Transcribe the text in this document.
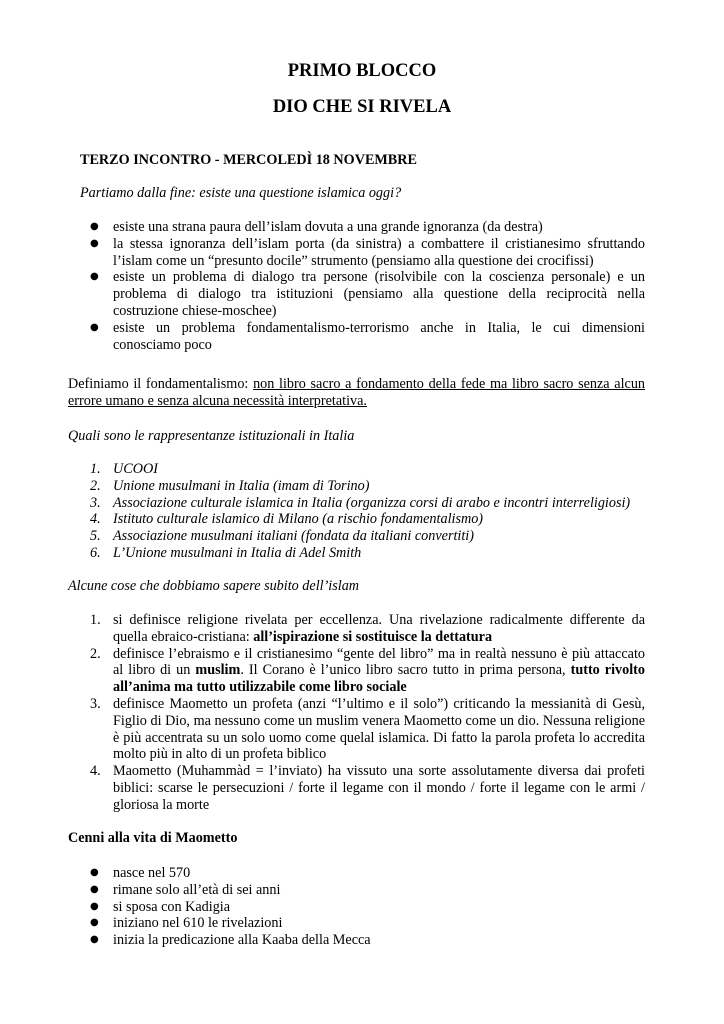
PRIMO BLOCCO

DIO CHE SI RIVELA

TERZO INCONTRO - MERCOLEDÌ 18 NOVEMBRE

Partiamo dalla fine: esiste una questione islamica oggi?

● esiste una strana paura dell’islam dovuta a una grande ignoranza (da destra)
● la stessa ignoranza dell’islam porta (da sinistra) a combattere il cristianesimo sfruttando l’islam come un “presunto docile” strumento (pensiamo alla questione dei crocifissi)
● esiste un problema di dialogo tra persone (risolvibile con la coscienza personale) e un problema di dialogo tra istituzioni (pensiamo alla questione della reciprocità nella costruzione chiese-moschee)
● esiste un problema fondamentalismo-terrorismo anche in Italia, le cui dimensioni conosciamo poco

Definiamo il fondamentalismo: non libro sacro a fondamento della fede ma libro sacro senza alcun errore umano e senza alcuna necessità interpretativa.

Quali sono le rappresentanze istituzionali in Italia

1. UCOOI
2. Unione musulmani in Italia (imam di Torino)
3. Associazione culturale islamica in Italia (organizza corsi di arabo e incontri interreligiosi)
4. Istituto culturale islamico di Milano (a rischio fondamentalismo)
5. Associazione musulmani italiani (fondata da italiani convertiti)
6. L’Unione musulmani in Italia di Adel Smith

Alcune cose che dobbiamo sapere subito dell’islam

1. si definisce religione rivelata per eccellenza. Una rivelazione radicalmente differente da quella ebraico-cristiana: all’ispirazione si sostituisce la dettatura
2. definisce l’ebraismo e il cristianesimo “gente del libro” ma in realtà nessuno è più attaccato al libro di un muslim. Il Corano è l’unico libro sacro tutto in prima persona, tutto rivolto all’anima ma tutto utilizzabile come libro sociale
3. definisce Maometto un profeta (anzi “l’ultimo e il solo”) criticando la messianità di Gesù, Figlio di Dio, ma nessuno come un muslim venera Maometto come un dio. Nessuna religione è più accentrata su un solo uomo come quelal islamica. Di fatto la parola profeta lo accredita molto più in alto di un profeta biblico
4. Maometto (Muhammàd = l’inviato) ha vissuto una sorte assolutamente diversa dai profeti biblici: scarse le persecuzioni / forte il legame con il mondo / forte il legame con le armi / gloriosa la morte

Cenni alla vita di Maometto

● nasce nel 570
● rimane solo all’età di sei anni
● si sposa con Kadigia
● iniziano nel 610 le rivelazioni
● inizia la predicazione alla Kaaba della Mecca
